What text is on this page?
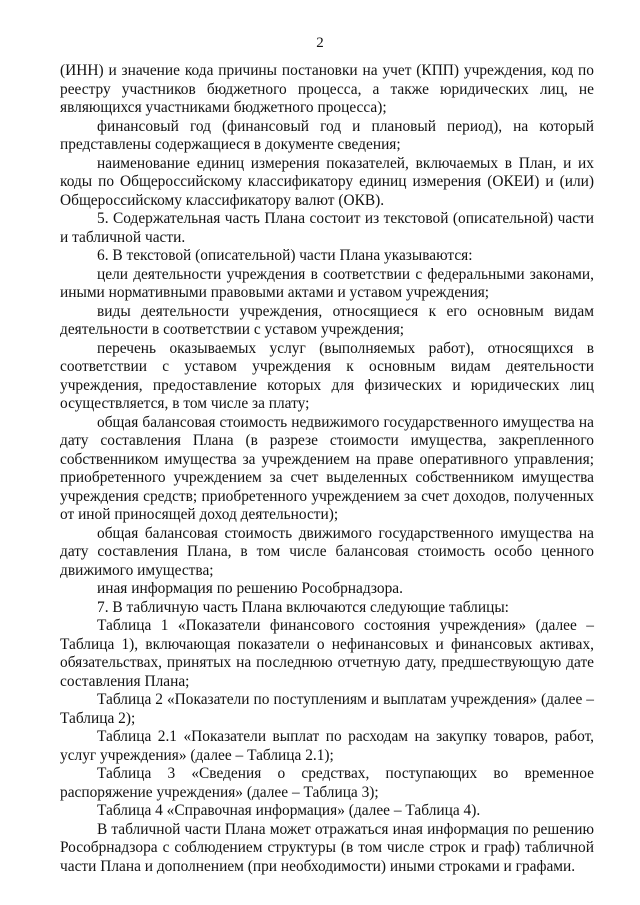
2

(ИНН) и значение кода причины постановки на учет (КПП) учреждения, код по реестру участников бюджетного процесса, а также юридических лиц, не являющихся участниками бюджетного процесса);

финансовый год (финансовый год и плановый период), на который представлены содержащиеся в документе сведения;

наименование единиц измерения показателей, включаемых в План, и их коды по Общероссийскому классификатору единиц измерения (ОКЕИ) и (или) Общероссийскому классификатору валют (ОКВ).

5. Содержательная часть Плана состоит из текстовой (описательной) части и табличной части.

6. В текстовой (описательной) части Плана указываются:

цели деятельности учреждения в соответствии с федеральными законами, иными нормативными правовыми актами и уставом учреждения;

виды деятельности учреждения, относящиеся к его основным видам деятельности в соответствии с уставом учреждения;

перечень оказываемых услуг (выполняемых работ), относящихся в соответствии с уставом учреждения к основным видам деятельности учреждения, предоставление которых для физических и юридических лиц осуществляется, в том числе за плату;

общая балансовая стоимость недвижимого государственного имущества на дату составления Плана (в разрезе стоимости имущества, закрепленного собственником имущества за учреждением на праве оперативного управления; приобретенного учреждением за счет выделенных собственником имущества учреждения средств; приобретенного учреждением за счет доходов, полученных от иной приносящей доход деятельности);

общая балансовая стоимость движимого государственного имущества на дату составления Плана, в том числе балансовая стоимость особо ценного движимого имущества;

иная информация по решению Рособрнадзора.

7. В табличную часть Плана включаются следующие таблицы:

Таблица 1 «Показатели финансового состояния учреждения» (далее – Таблица 1), включающая показатели о нефинансовых и финансовых активах, обязательствах, принятых на последнюю отчетную дату, предшествующую дате составления Плана;

Таблица 2 «Показатели по поступлениям и выплатам учреждения» (далее – Таблица 2);

Таблица 2.1 «Показатели выплат по расходам на закупку товаров, работ, услуг учреждения» (далее – Таблица 2.1);

Таблица 3 «Сведения о средствах, поступающих во временное распоряжение учреждения» (далее – Таблица 3);

Таблица 4 «Справочная информация» (далее – Таблица 4).

В табличной части Плана может отражаться иная информация по решению Рособрнадзора с соблюдением структуры (в том числе строк и граф) табличной части Плана и дополнением (при необходимости) иными строками и графами.
